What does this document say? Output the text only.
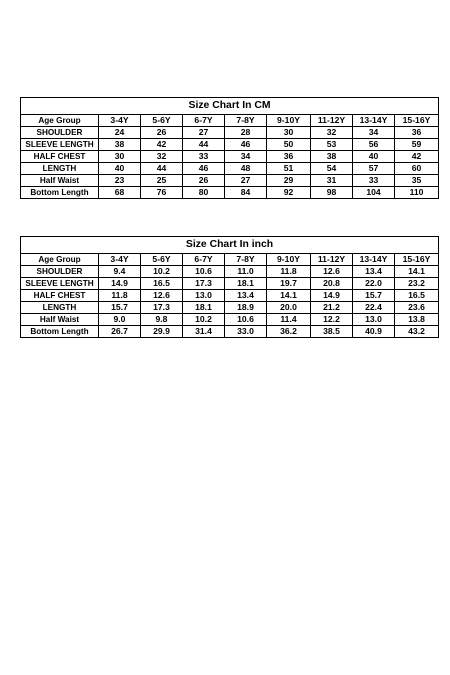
Size Chart In CM								
Age Group	3-4Y	5-6Y	6-7Y	7-8Y	9-10Y	11-12Y	13-14Y	15-16Y
SHOULDER	24	26	27	28	30	32	34	36
SLEEVE LENGTH	38	42	44	46	50	53	56	59
HALF CHEST	30	32	33	34	36	38	40	42
LENGTH	40	44	46	48	51	54	57	60
Half Waist	23	25	26	27	29	31	33	35
Bottom Length	68	76	80	84	92	98	104	110
Size Chart In inch								
Age Group	3-4Y	5-6Y	6-7Y	7-8Y	9-10Y	11-12Y	13-14Y	15-16Y
SHOULDER	9.4	10.2	10.6	11.0	11.8	12.6	13.4	14.1
SLEEVE LENGTH	14.9	16.5	17.3	18.1	19.7	20.8	22.0	23.2
HALF CHEST	11.8	12.6	13.0	13.4	14.1	14.9	15.7	16.5
LENGTH	15.7	17.3	18.1	18.9	20.0	21.2	22.4	23.6
Half Waist	9.0	9.8	10.2	10.6	11.4	12.2	13.0	13.8
Bottom Length	26.7	29.9	31.4	33.0	36.2	38.5	40.9	43.2
